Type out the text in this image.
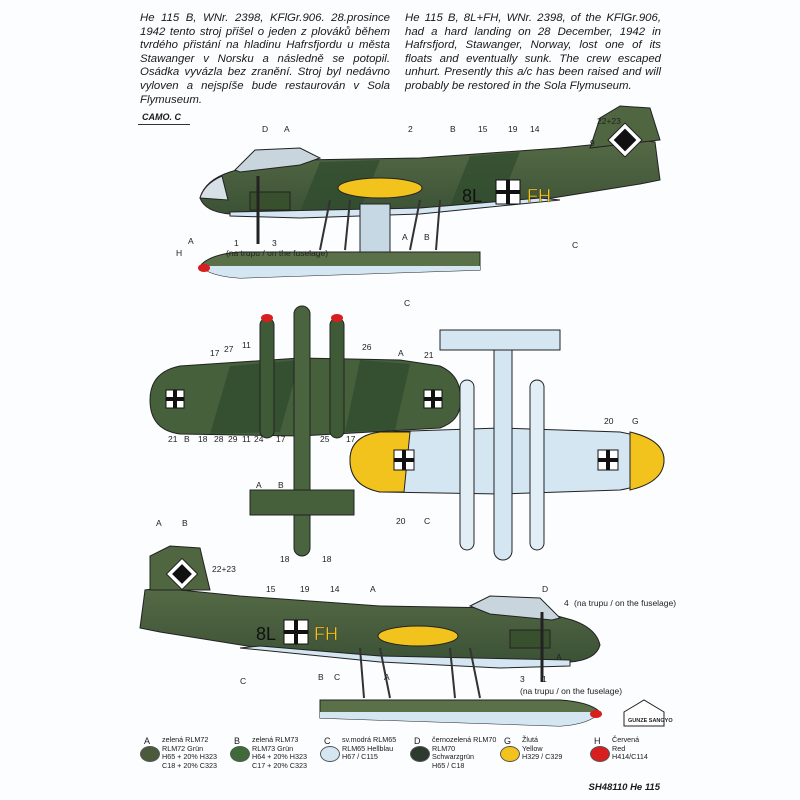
He 115 B, WNr. 2398, KFlGr.906. 28.prosince 1942 tento stroj přišel o jeden z plováků během tvrdého přistání na hladinu Hafrsfjordu u města Stawanger v Norsku a následně se potopil. Osádka vyvázla bez zranění. Stroj byl nedávno vyloven a nejspíše bude restaurován v Sola Flymuseum.
He 115 B, 8L+FH, WNr. 2398, of the KFlGr.906, had a hard landing on 28 December, 1942 in Hafrsfjord, Stawanger, Norway, lost one of its floats and eventually sunk. The crew escaped unhurt. Presently this a/c has been raised and will probably be restored in the Sola Flymuseum.
CAMO. C
8L FH
22+23
D A	2	B	15 19 14
9
C
A
H
A B
C
1	3
(na trupu / on the fuselage)
17 27 11	26
A 21
21 B 18 28 29 11 24 17	25 17
A B
18	18
20 G
20 C
8L FH
22+23
A B
15	19 14	A	D
4 (na trupu / on the fuselage)
1
3
(na trupu / on the fuselage)
C	B C	A
A
GUNZE SANGYO
A zelená RLM72
RLM72 Grün
H65 + 20% H323
C18 + 20% C323
B zelená RLM73
RLM73 Grün
H64 + 20% H323
C17 + 20% C323
C sv.modrá RLM65
RLM65 Hellblau
H67 / C115
D černozelená RLM70
RLM70 Schwarzgrün
H65 / C18
G Žlutá
Yellow
H329 / C329
H Červená
Red
H414/C114
SH48110 He 115
